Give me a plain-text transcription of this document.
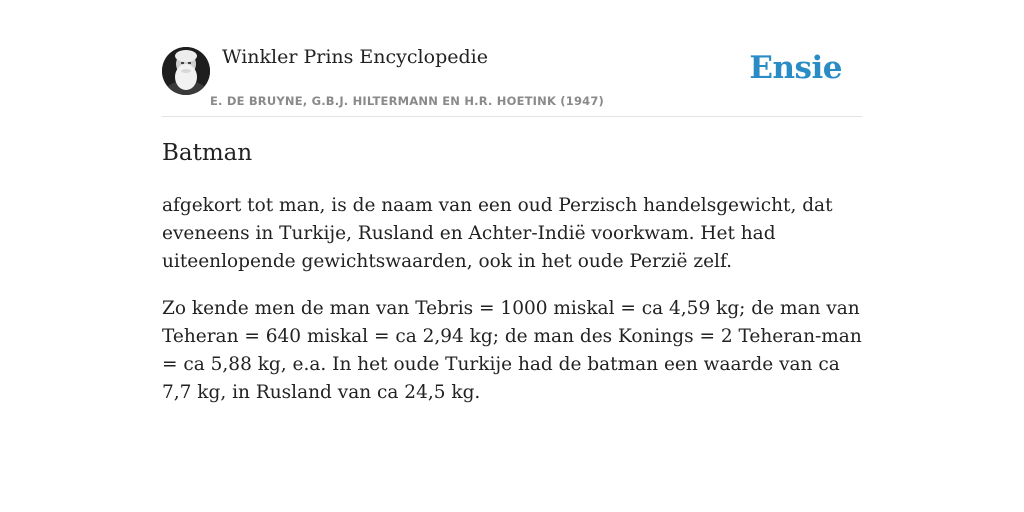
Winkler Prins Encyclopedie
E. DE BRUYNE, G.B.J. HILTERMANN EN H.R. HOETINK (1947)
Ensie
Batman

afgekort tot man, is de naam van een oud Perzisch handelsgewicht, dat eveneens in Turkije, Rusland en Achter-Indië voorkwam. Het had uiteenlopende gewichtswaarden, ook in het oude Perzië zelf.

Zo kende men de man van Tebris = 1000 miskal = ca 4,59 kg; de man van Teheran = 640 miskal = ca 2,94 kg; de man des Konings = 2 Teheran-man = ca 5,88 kg, e.a. In het oude Turkije had de batman een waarde van ca 7,7 kg, in Rusland van ca 24,5 kg.
